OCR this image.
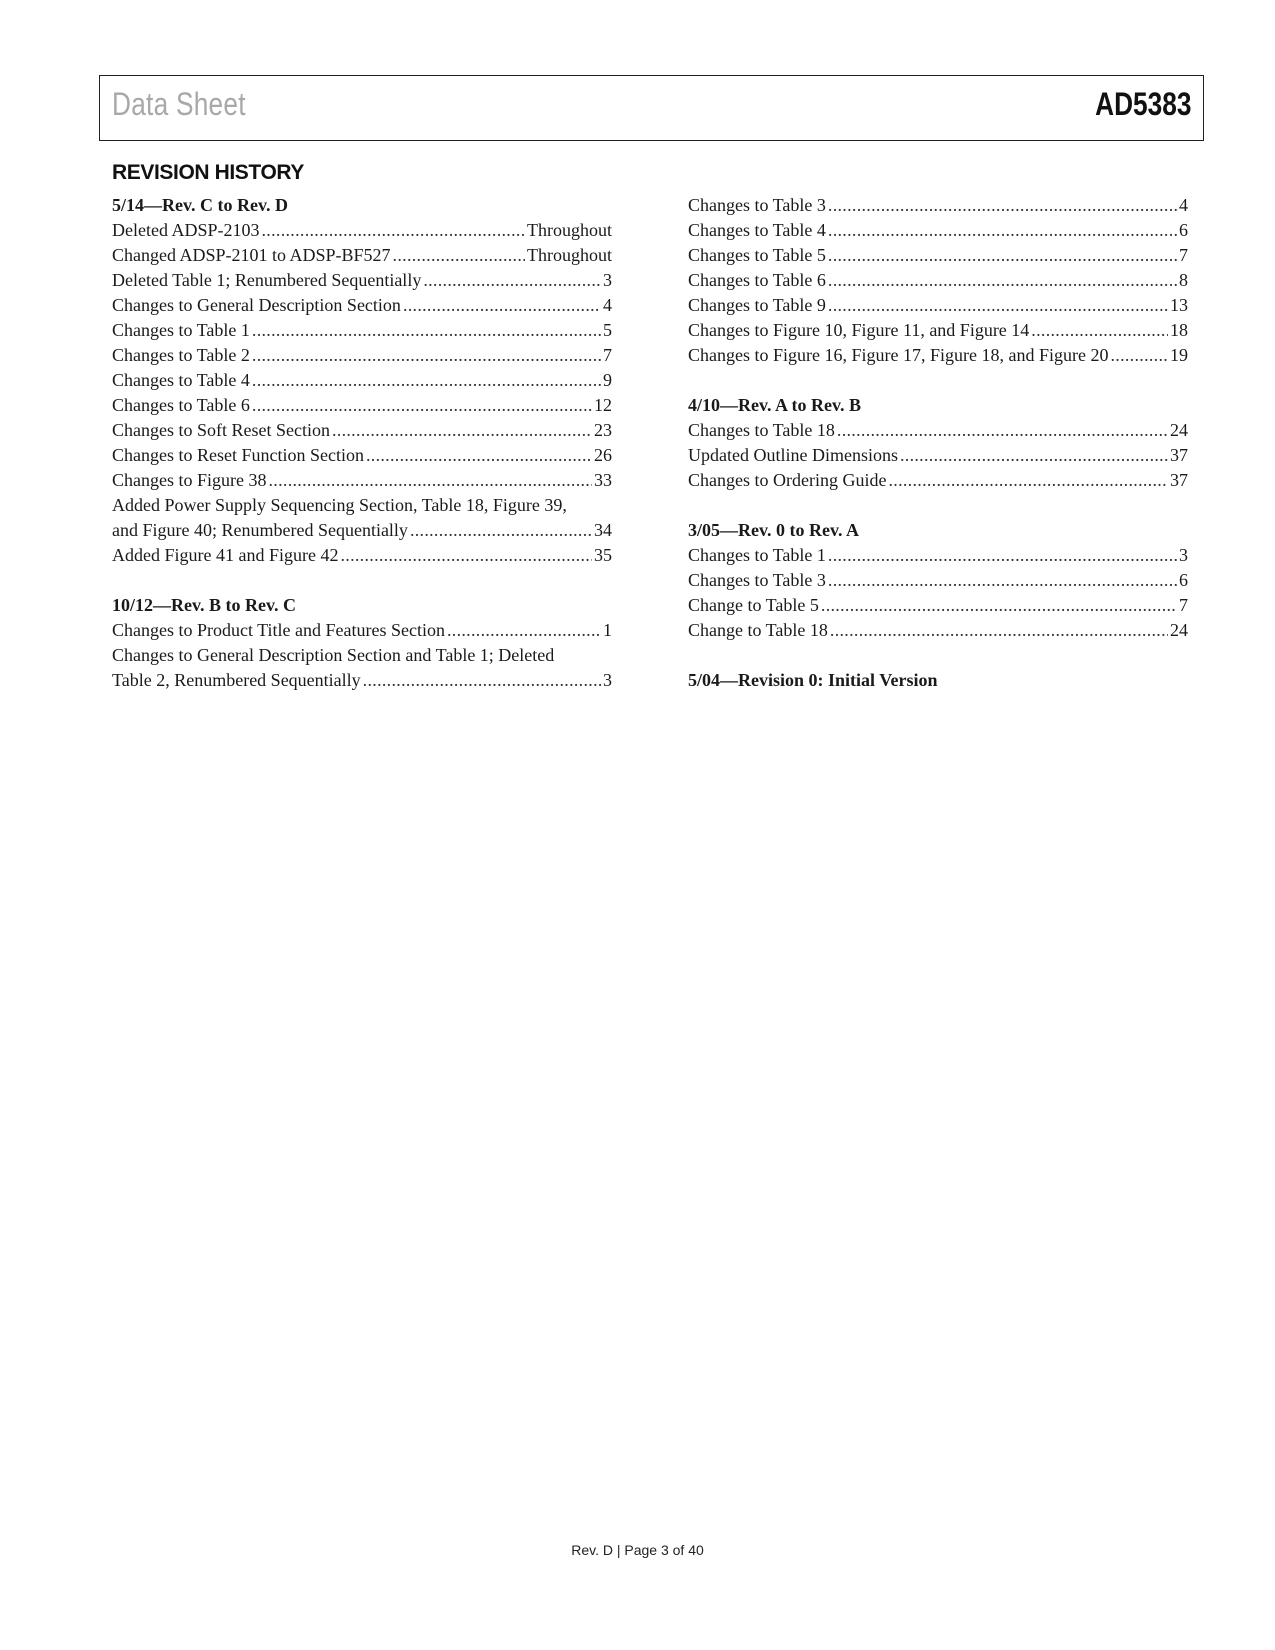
Data Sheet	AD5383
REVISION HISTORY
5/14—Rev. C to Rev. D
Deleted ADSP-2103 .....	Throughout
Changed ADSP-2101 to ADSP-BF527 .....	Throughout
Deleted Table 1; Renumbered Sequentially .....	3
Changes to General Description Section .....	4
Changes to Table 1 .....	5
Changes to Table 2 .....	7
Changes to Table 4 .....	9
Changes to Table 6 .....	12
Changes to Soft Reset Section .....	23
Changes to Reset Function Section .....	26
Changes to Figure 38 .....	33
Added Power Supply Sequencing Section, Table 18, Figure 39,
and Figure 40; Renumbered Sequentially .....	34
Added Figure 41 and Figure 42 .....	35
10/12—Rev. B to Rev. C
Changes to Product Title and Features Section .....	1
Changes to General Description Section and Table 1; Deleted
Table 2, Renumbered Sequentially .....	3
Changes to Table 3 .....	4
Changes to Table 4 .....	6
Changes to Table 5 .....	7
Changes to Table 6 .....	8
Changes to Table 9 .....	13
Changes to Figure 10, Figure 11, and Figure 14 .....	18
Changes to Figure 16, Figure 17, Figure 18, and Figure 20 .....	19
4/10—Rev. A to Rev. B
Changes to Table 18 .....	24
Updated Outline Dimensions .....	37
Changes to Ordering Guide .....	37
3/05—Rev. 0 to Rev. A
Changes to Table 1 .....	3
Changes to Table 3 .....	6
Change to Table 5 .....	7
Change to Table 18 .....	24
5/04—Revision 0: Initial Version
Rev. D | Page 3 of 40
